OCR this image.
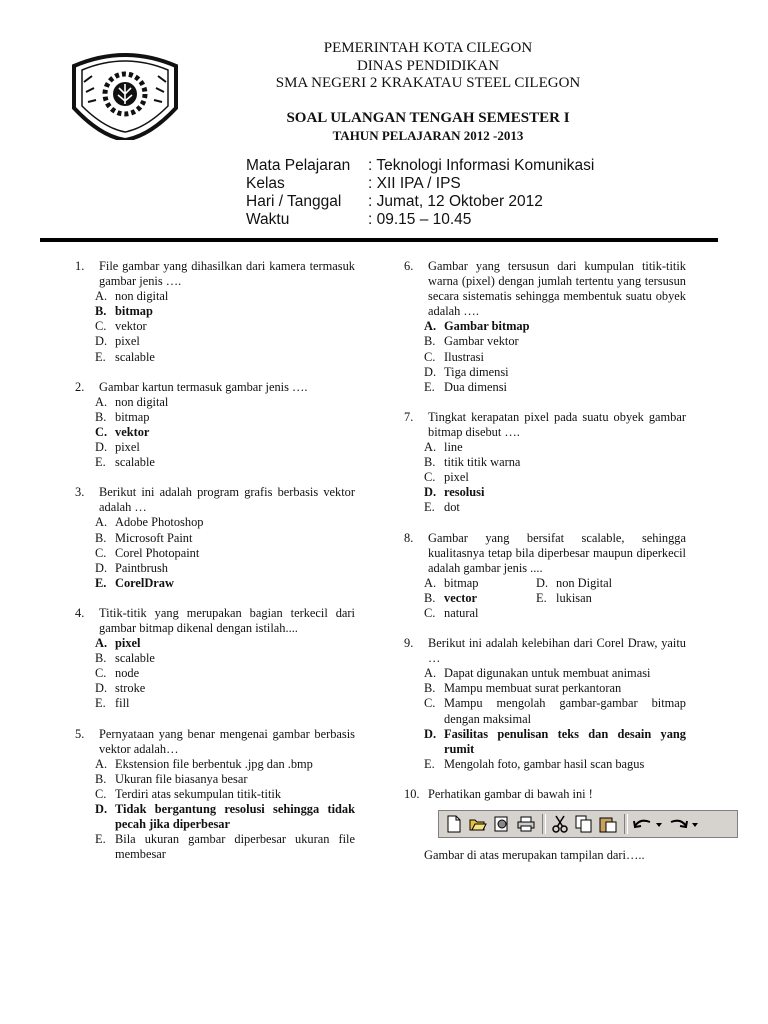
PEMERINTAH KOTA CILEGON
DINAS PENDIDIKAN
SMA NEGERI 2 KRAKATAU STEEL CILEGON
SOAL ULANGAN TENGAH SEMESTER I
TAHUN PELAJARAN 2012 -2013
Mata Pelajaran	: Teknologi Informasi Komunikasi
Kelas	: XII IPA / IPS
Hari / Tanggal	: Jumat, 12 Oktober 2012
Waktu	: 09.15 – 10.45
1.	File gambar yang dihasilkan dari kamera termasuk gambar jenis ….
A. non digital
B. bitmap
C. vektor
D. pixel
E. scalable
2.	Gambar kartun termasuk gambar jenis ….
A. non digital
B. bitmap
C. vektor
D. pixel
E. scalable
3.	Berikut ini adalah program grafis berbasis vektor adalah …
A. Adobe Photoshop
B. Microsoft Paint
C. Corel Photopaint
D. Paintbrush
E. CorelDraw
4.	Titik-titik yang merupakan bagian terkecil dari gambar bitmap dikenal dengan istilah....
A. pixel
B. scalable
C. node
D. stroke
E. fill
5.	Pernyataan yang benar mengenai gambar berbasis vektor adalah…
A. Ekstension file berbentuk .jpg dan .bmp
B. Ukuran file biasanya besar
C. Terdiri atas sekumpulan titik-titik
D. Tidak bergantung resolusi sehingga tidak pecah jika diperbesar
E. Bila ukuran gambar diperbesar ukuran file membesar
6.	Gambar yang tersusun dari kumpulan titik-titik warna (pixel) dengan jumlah tertentu yang tersusun secara sistematis sehingga membentuk suatu obyek adalah ….
A. Gambar bitmap
B. Gambar vektor
C. Ilustrasi
D. Tiga dimensi
E. Dua dimensi
7.	Tingkat kerapatan pixel pada suatu obyek gambar bitmap disebut ….
A. line
B. titik titik warna
C. pixel
D. resolusi
E. dot
8.	Gambar yang bersifat scalable, sehingga kualitasnya tetap bila diperbesar maupun diperkecil adalah gambar jenis ....
A. bitmap	D. non Digital
B. vector	E. lukisan
C. natural
9.	Berikut ini adalah kelebihan dari Corel Draw, yaitu …
A. Dapat digunakan untuk membuat animasi
B. Mampu membuat surat perkantoran
C. Mampu mengolah gambar-gambar bitmap dengan maksimal
D. Fasilitas penulisan teks dan desain yang rumit
E. Mengolah foto, gambar hasil scan bagus
10. Perhatikan gambar di bawah ini !
Gambar di atas merupakan tampilan dari…..
